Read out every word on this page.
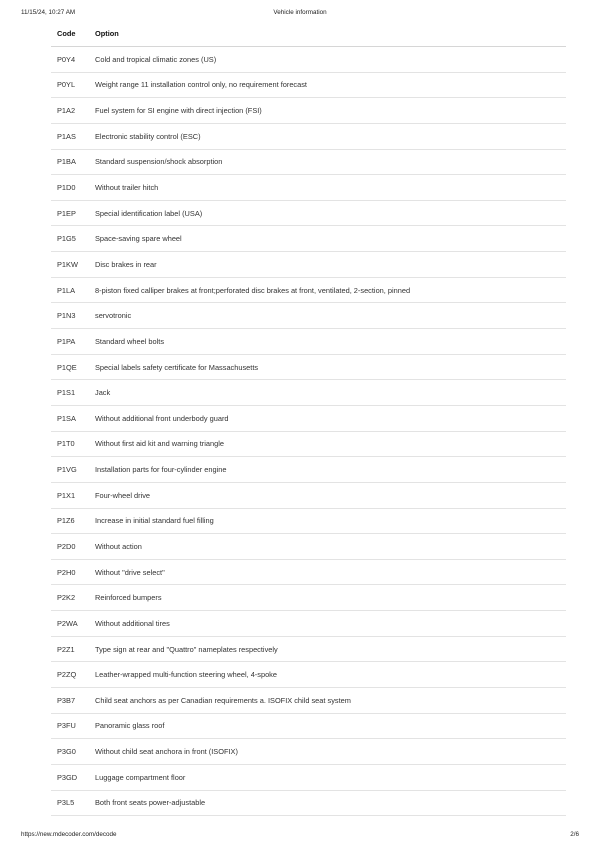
11/15/24, 10:27 AM	Vehicle information
Code	Option
P0Y4	Cold and tropical climatic zones (US)
P0YL	Weight range 11 installation control only, no requirement forecast
P1A2	Fuel system for SI engine with direct injection (FSI)
P1AS	Electronic stability control (ESC)
P1BA	Standard suspension/shock absorption
P1D0	Without trailer hitch
P1EP	Special identification label (USA)
P1G5	Space-saving spare wheel
P1KW	Disc brakes in rear
P1LA	8-piston fixed calliper brakes at front;perforated disc brakes at front, ventilated, 2-section, pinned
P1N3	servotronic
P1PA	Standard wheel bolts
P1QE	Special labels safety certificate for Massachusetts
P1S1	Jack
P1SA	Without additional front underbody guard
P1T0	Without first aid kit and warning triangle
P1VG	Installation parts for four-cylinder engine
P1X1	Four-wheel drive
P1Z6	Increase in initial standard fuel filling
P2D0	Without action
P2H0	Without "drive select"
P2K2	Reinforced bumpers
P2WA	Without additional tires
P2Z1	Type sign at rear and "Quattro" nameplates respectively
P2ZQ	Leather-wrapped multi-function steering wheel, 4-spoke
P3B7	Child seat anchors as per Canadian requirements a. ISOFIX child seat system
P3FU	Panoramic glass roof
P3G0	Without child seat anchora in front (ISOFIX)
P3GD	Luggage compartment floor
P3L5	Both front seats power-adjustable
https://new.mdecoder.com/decode	2/6
